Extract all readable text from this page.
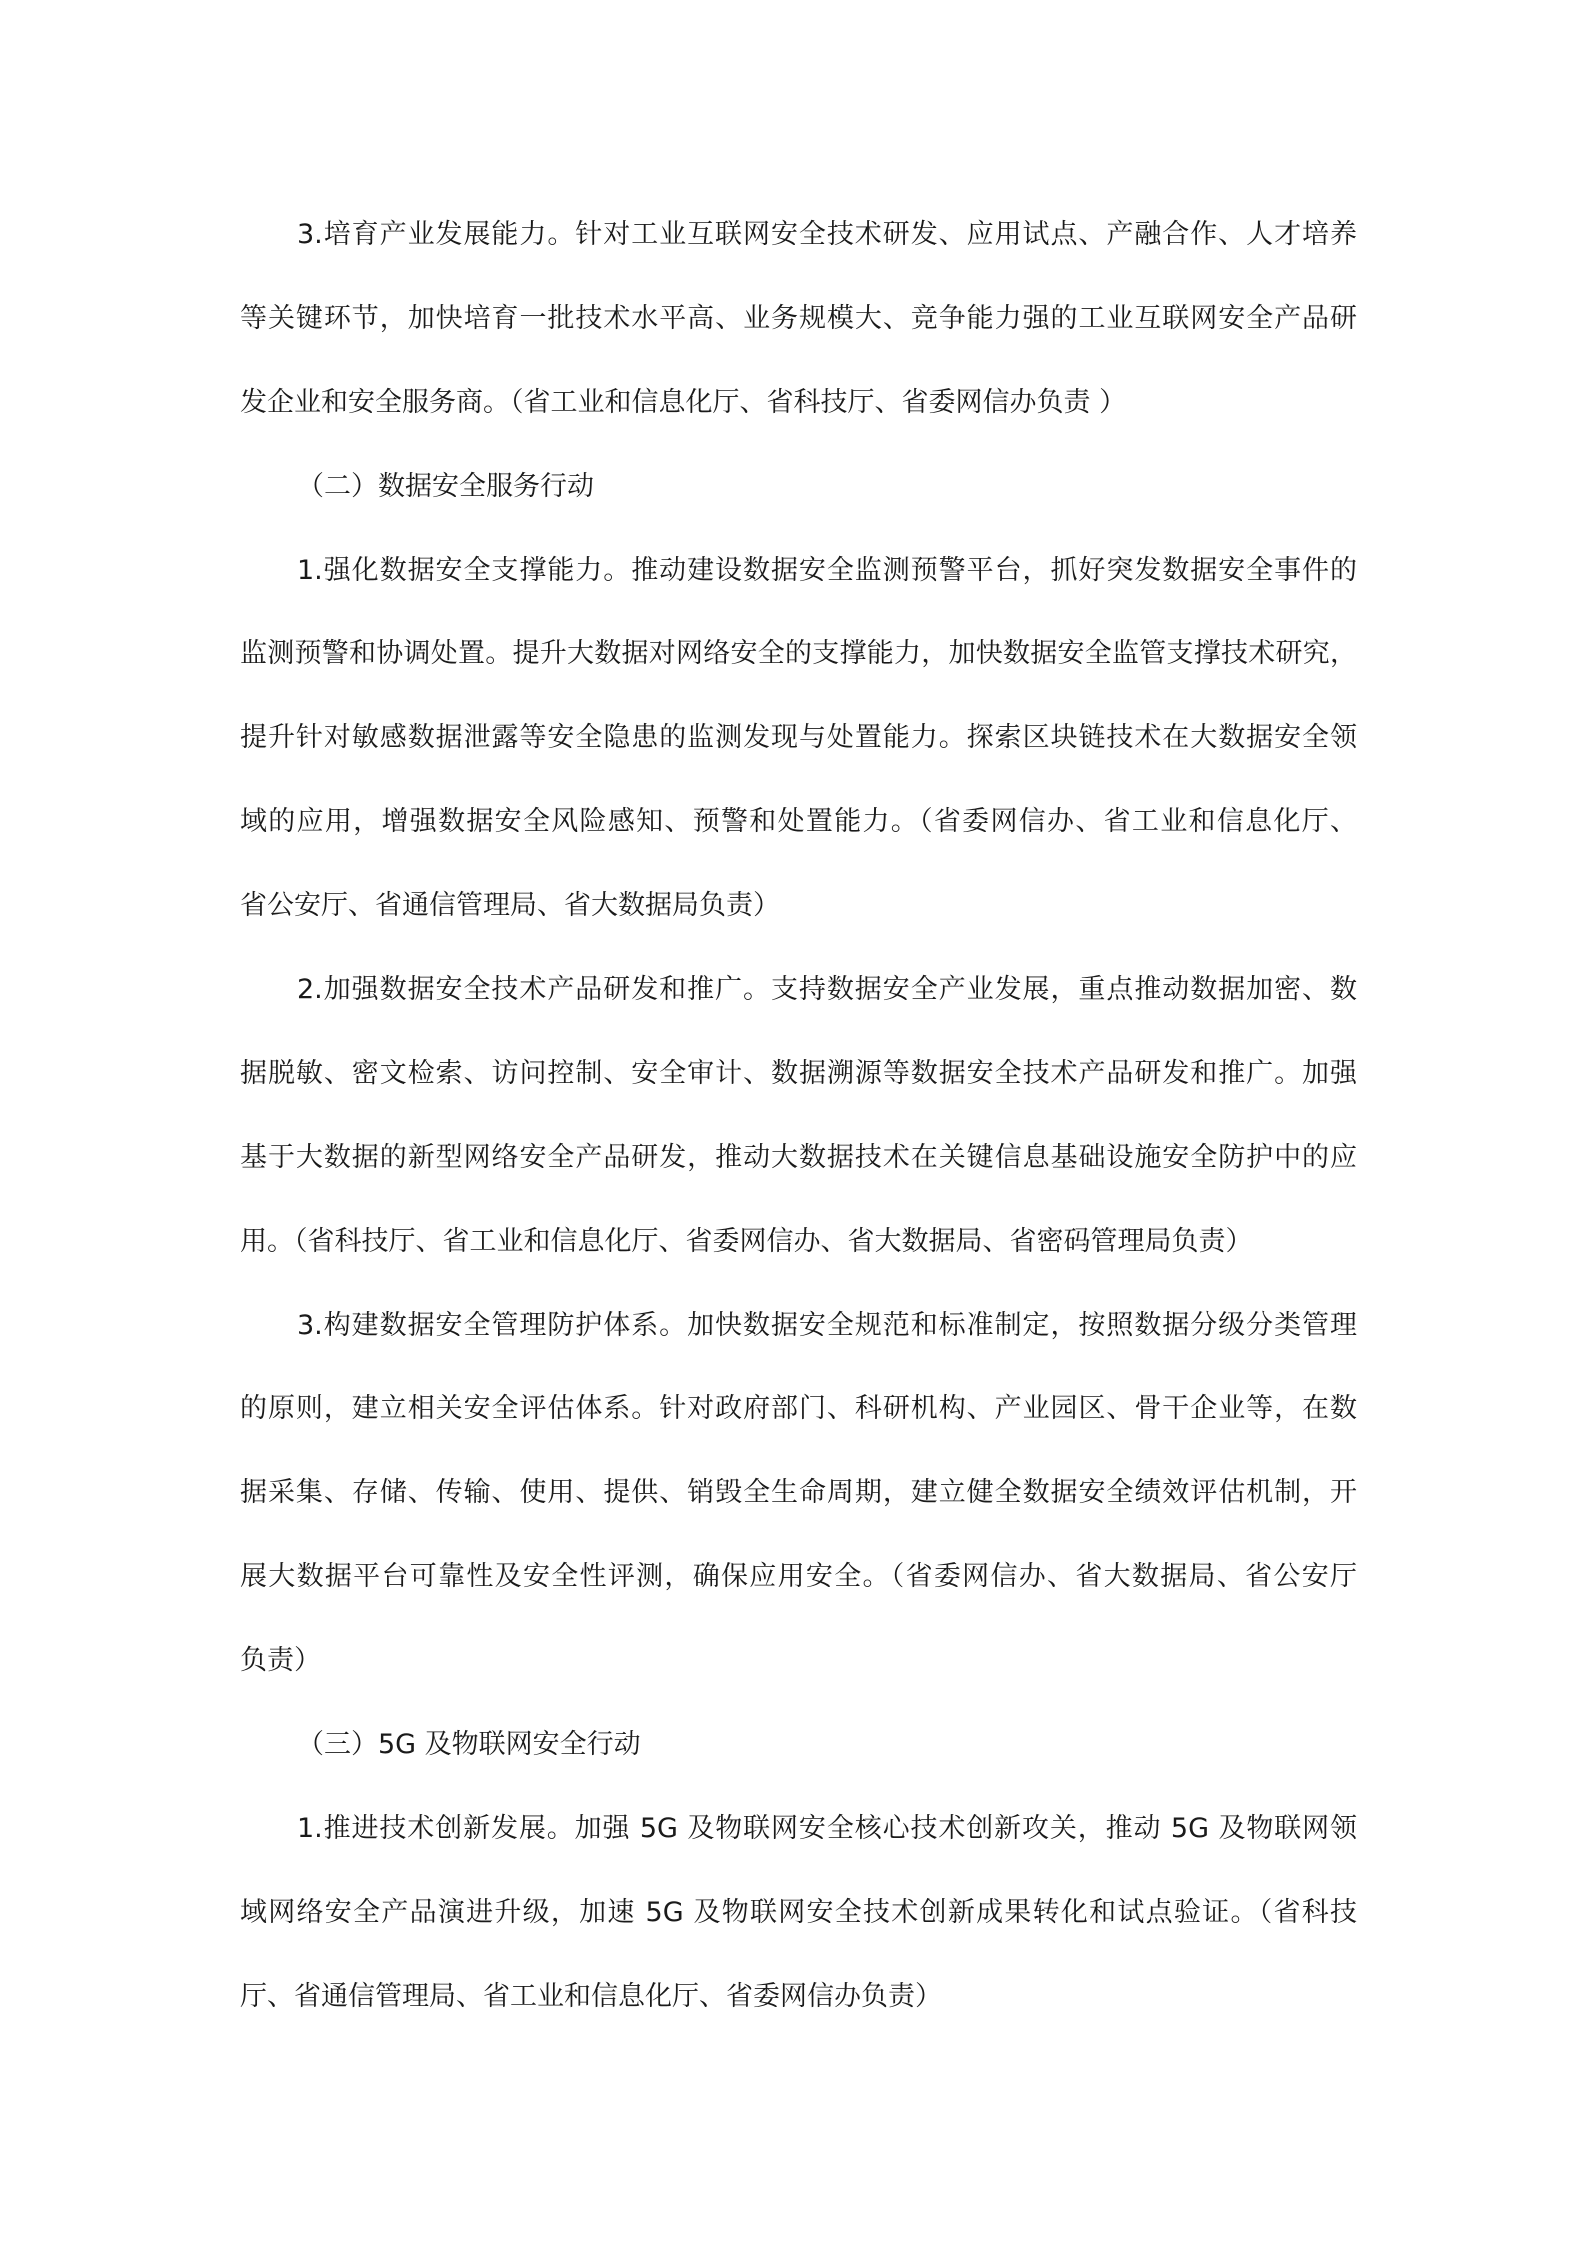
3.培育产业发展能力。针对工业互联网安全技术研发、应用试点、产融合作、人才培养
等关键环节，加快培育一批技术水平高、业务规模大、竞争能力强的工业互联网安全产品研
发企业和安全服务商。（省工业和信息化厅、省科技厅、省委网信办负责 ）
（二）数据安全服务行动
1.强化数据安全支撑能力。推动建设数据安全监测预警平台，抓好突发数据安全事件的
监测预警和协调处置。提升大数据对网络安全的支撑能力，加快数据安全监管支撑技术研究，
提升针对敏感数据泄露等安全隐患的监测发现与处置能力。探索区块链技术在大数据安全领
域的应用，增强数据安全风险感知、预警和处置能力。（省委网信办、省工业和信息化厅、
省公安厅、省通信管理局、省大数据局负责）
2.加强数据安全技术产品研发和推广。支持数据安全产业发展，重点推动数据加密、数
据脱敏、密文检索、访问控制、安全审计、数据溯源等数据安全技术产品研发和推广。加强
基于大数据的新型网络安全产品研发，推动大数据技术在关键信息基础设施安全防护中的应
用。（省科技厅、省工业和信息化厅、省委网信办、省大数据局、省密码管理局负责）
3.构建数据安全管理防护体系。加快数据安全规范和标准制定，按照数据分级分类管理
的原则，建立相关安全评估体系。针对政府部门、科研机构、产业园区、骨干企业等，在数
据采集、存储、传输、使用、提供、销毁全生命周期，建立健全数据安全绩效评估机制，开
展大数据平台可靠性及安全性评测，确保应用安全。（省委网信办、省大数据局、省公安厅
负责）
（三）5G 及物联网安全行动
1.推进技术创新发展。加强 5G 及物联网安全核心技术创新攻关，推动 5G 及物联网领
域网络安全产品演进升级，加速 5G 及物联网安全技术创新成果转化和试点验证。（省科技
厅、省通信管理局、省工业和信息化厅、省委网信办负责）
